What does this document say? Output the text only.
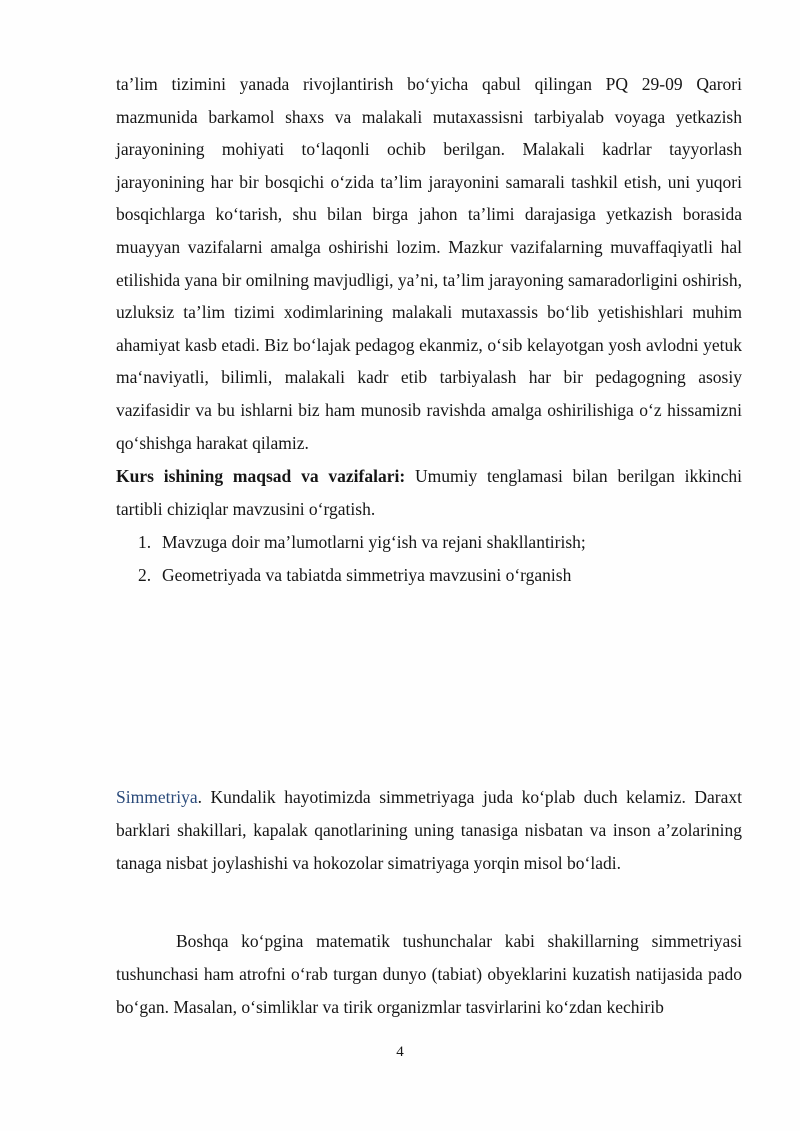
ta’lim tizimini yanada rivojlantirish bo‘yicha qabul qilingan PQ 29-09 Qarori mazmunida barkamol shaxs va malakali mutaxassisni tarbiyalab voyaga yetkazish jarayonining mohiyati to‘laqonli ochib berilgan. Malakali kadrlar tayyorlash jarayonining har bir bosqichi o‘zida ta’lim jarayonini samarali tashkil etish, uni yuqori bosqichlarga ko‘tarish, shu bilan birga jahon ta’limi darajasiga yetkazish borasida muayyan vazifalarni amalga oshirishi lozim. Mazkur vazifalarning muvaffaqiyatli hal etilishida yana bir omilning mavjudligi, ya’ni, ta’lim jarayoning samaradorligini oshirish, uzluksiz ta’lim tizimi xodimlarining malakali mutaxassis bo‘lib yetishishlari muhim ahamiyat kasb etadi. Biz bo‘lajak pedagog ekanmiz, o‘sib kelayotgan yosh avlodni yetuk ma‘naviyatli, bilimli, malakali kadr etib tarbiyalash har bir pedagogning asosiy vazifasidir va bu ishlarni biz ham munosib ravishda amalga oshirilishiga o‘z hissamizni qo‘shishga harakat qilamiz.

Kurs ishining maqsad va vazifalari: Umumiy tenglamasi bilan berilgan ikkinchi tartibli chiziqlar mavzusini o‘rgatish.

1. Mavzuga doir ma’lumotlarni yig‘ish va rejani shakllantirish;
2. Geometriyada va tabiatda simmetriya mavzusini o‘rganish

Simmetriya. Kundalik hayotimizda simmetriyaga juda ko‘plab duch kelamiz. Daraxt barklari shakillari, kapalak qanotlarining uning tanasiga nisbatan va inson a’zolarining tanaga nisbat joylashishi va hokozolar simatriyaga yorqin misol bo‘ladi.

Boshqa ko‘pgina matematik tushunchalar kabi shakillarning simmetriyasi tushunchasi ham atrofni o‘rab turgan dunyo (tabiat) obyeklarini kuzatish natijasida pado bo‘gan. Masalan, o‘simliklar va tirik organizmlar tasvirlarini ko‘zdan kechirib

4
